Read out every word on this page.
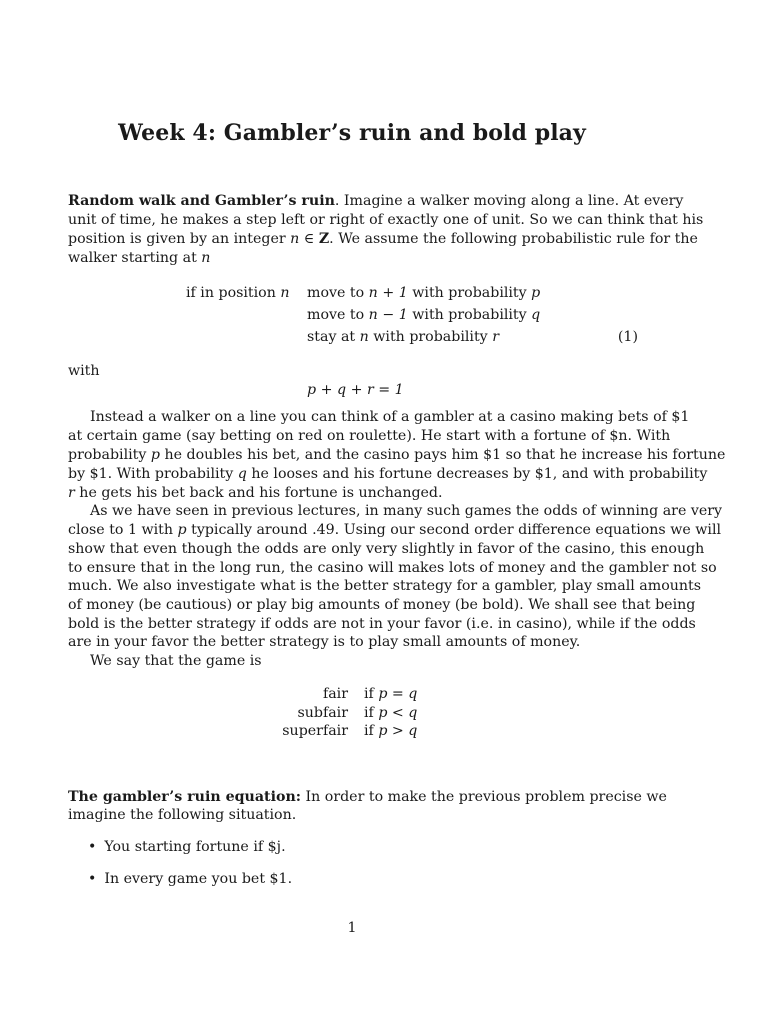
Week 4: Gambler’s ruin and bold play
Random walk and Gambler’s ruin. Imagine a walker moving along a line. At every
unit of time, he makes a step left or right of exactly one of unit. So we can think that his
position is given by an integer n ∈ Z. We assume the following probabilistic rule for the
walker starting at n
if in position n move to n + 1 with probability p
move to n − 1 with probability q
stay at n with probability r	(1)
with
p + q + r = 1
Instead a walker on a line you can think of a gambler at a casino making bets of $1
at certain game (say betting on red on roulette). He start with a fortune of $n. With
probability p he doubles his bet, and the casino pays him $1 so that he increase his fortune
by $1. With probability q he looses and his fortune decreases by $1, and with probability
r he gets his bet back and his fortune is unchanged.
As we have seen in previous lectures, in many such games the odds of winning are very
close to 1 with p typically around .49. Using our second order difference equations we will
show that even though the odds are only very slightly in favor of the casino, this enough
to ensure that in the long run, the casino will makes lots of money and the gambler not so
much. We also investigate what is the better strategy for a gambler, play small amounts
of money (be cautious) or play big amounts of money (be bold). We shall see that being
bold is the better strategy if odds are not in your favor (i.e. in casino), while if the odds
are in your favor the better strategy is to play small amounts of money.
We say that the game is
fair if p = q
subfair if p < q
superfair if p > q
The gambler’s ruin equation: In order to make the previous problem precise we
imagine the following situation.
• You starting fortune if $j.
• In every game you bet $1.
1
